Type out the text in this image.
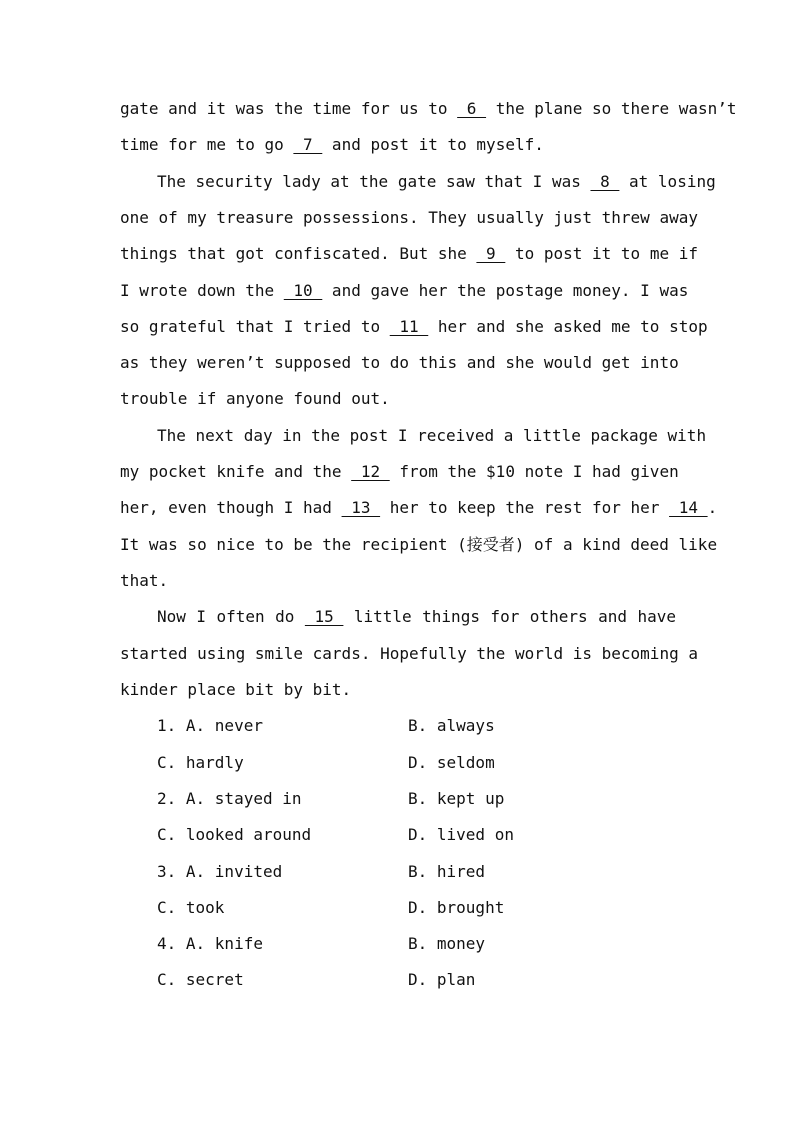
gate and it was the time for us to  6  the plane so there wasn’t
time for me to go  7  and post it to myself.
The security lady at the gate saw that I was  8  at losing
one of my treasure possessions. They usually just threw away
things that got confiscated. But she  9  to post it to me if
I wrote down the  10  and gave her the postage money. I was
so grateful that I tried to  11  her and she asked me to stop
as they weren’t supposed to do this and she would get into
trouble if anyone found out.
The next day in the post I received a little package with
my pocket knife and the  12  from the $10 note I had given
her, even though I had  13  her to keep the rest for her  14 .
It was so nice to be the recipient (接受者) of a kind deed like
that.
Now I often do  15  little things for others and have
started using smile cards. Hopefully the world is becoming a
kinder place bit by bit.
1. A. never	B. always
C. hardly	D. seldom
2. A. stayed in	B. kept up
C. looked around	D. lived on
3. A. invited	B. hired
C. took	D. brought
4. A. knife	B. money
C. secret	D. plan
